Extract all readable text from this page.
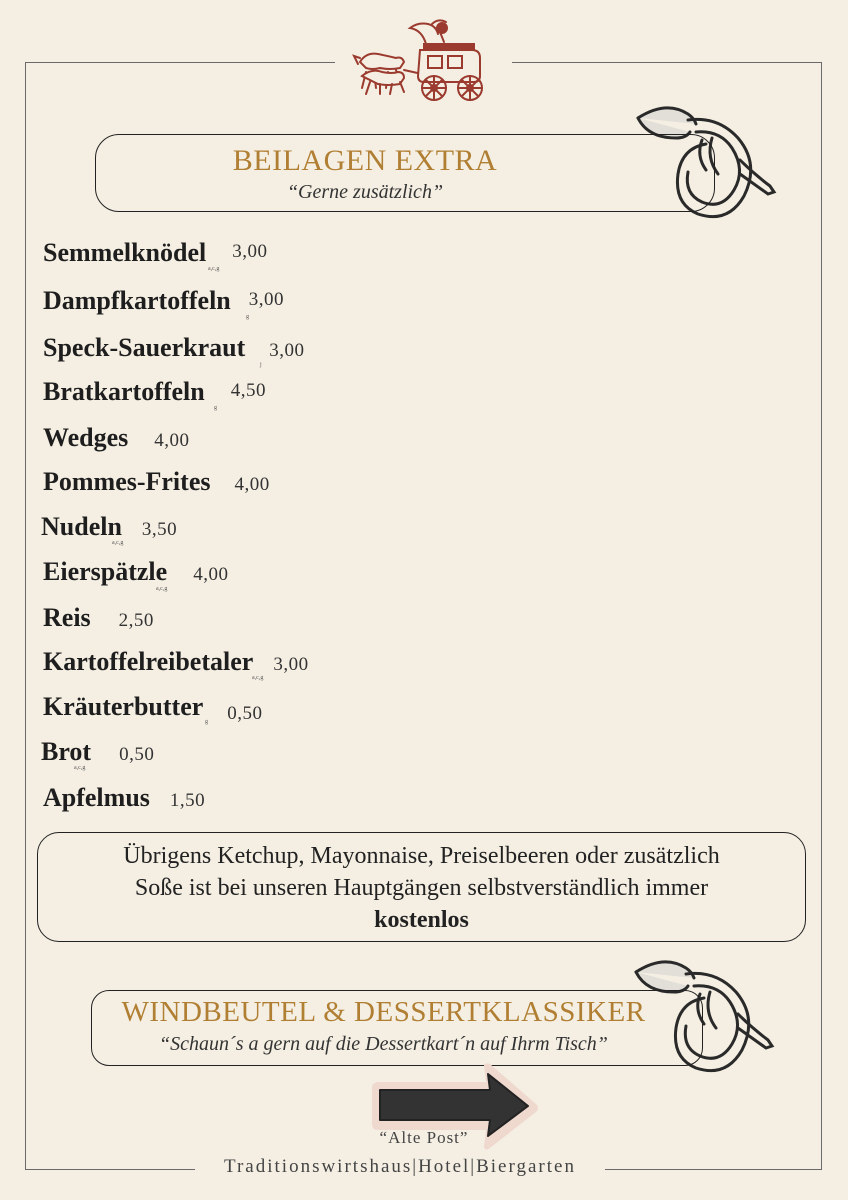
BEILAGEN EXTRA
“Gerne zusätzlich”
Semmelknödel 3,00
a,c,g
Dampfkartoffeln 3,00
g
Speck-Sauerkraut 3,00
j
Bratkartoffeln 4,50
g
Wedges 4,00
Pommes-Frites 4,00
Nudeln 3,50
a,c,g
Eierspätzle 4,00
a,c,g
Reis 2,50
Kartoffelreibetaler 3,00
a,c,g
Kräuterbutter 0,50
g
Brot 0,50
a,c,g
Apfelmus 1,50
Übrigens Ketchup, Mayonnaise, Preiselbeeren oder zusätzlich
Soße ist bei unseren Hauptgängen selbstverständlich immer
kostenlos
WINDBEUTEL & DESSERTKLASSIKER
“Schaun´s a gern auf die Dessertkart´n auf Ihrm Tisch”
“Alte Post”
Traditionswirtshaus|Hotel|Biergarten
